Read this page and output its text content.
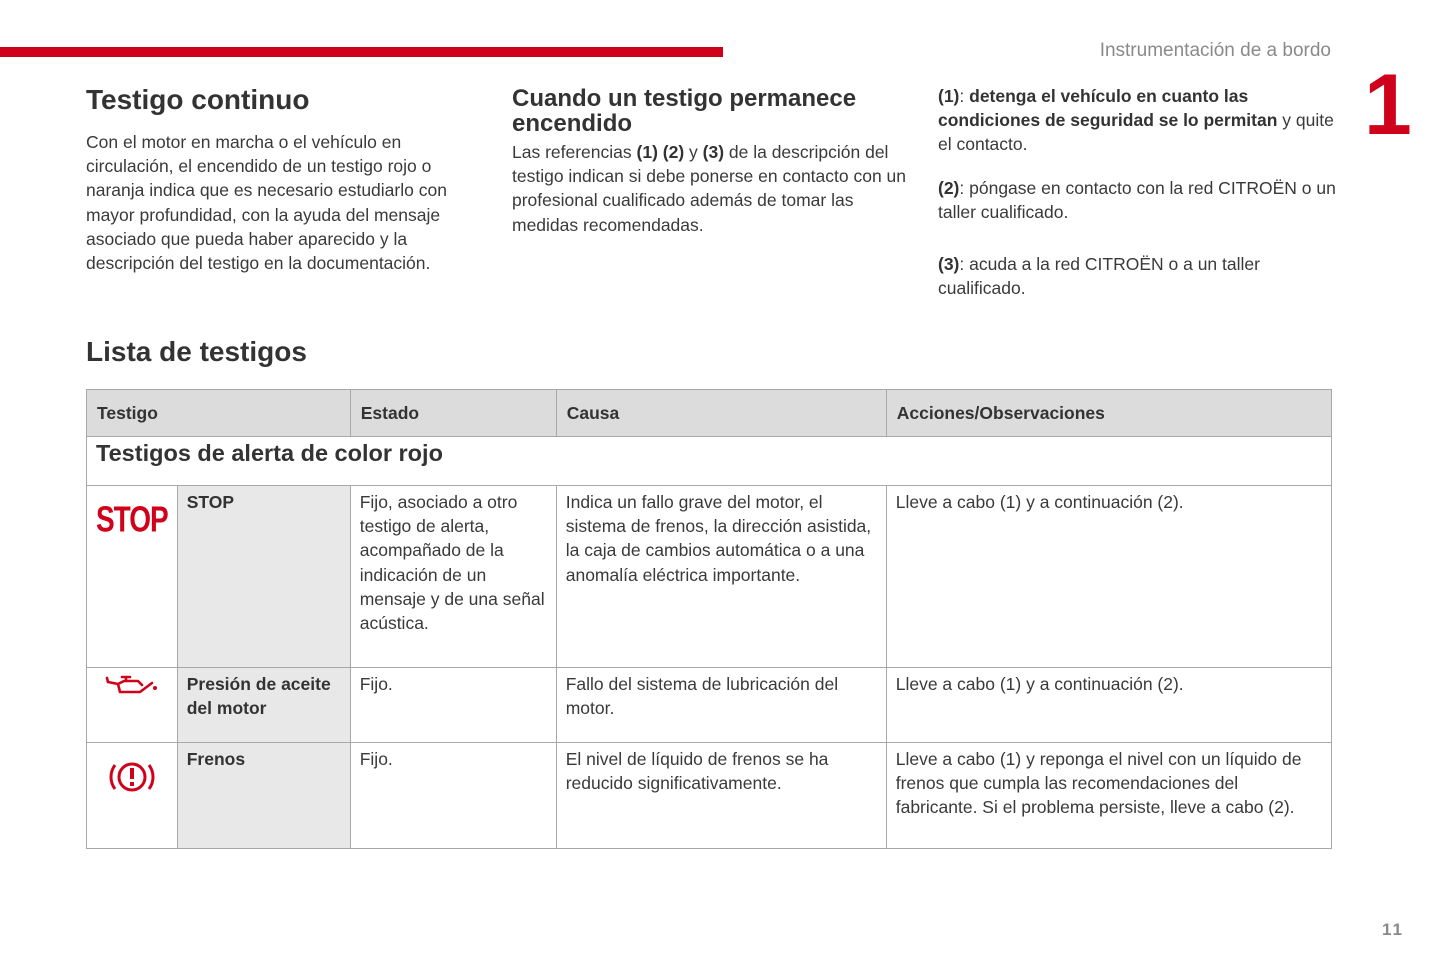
Instrumentación de a bordo
1
Testigo continuo
Con el motor en marcha o el vehículo en circulación, el encendido de un testigo rojo o naranja indica que es necesario estudiarlo con mayor profundidad, con la ayuda del mensaje asociado que pueda haber aparecido y la descripción del testigo en la documentación.
Cuando un testigo permanece encendido
Las referencias (1) (2) y (3) de la descripción del testigo indican si debe ponerse en contacto con un profesional cualificado además de tomar las medidas recomendadas.

(1): detenga el vehículo en cuanto las condiciones de seguridad se lo permitan y quite el contacto.

(2): póngase en contacto con la red CITROËN o un taller cualificado.

(3): acuda a la red CITROËN o a un taller cualificado.

Lista de testigos
Testigo		Estado	Causa	Acciones/Observaciones
Testigos de alerta de color rojo				
STOP	STOP	Fijo, asociado a otro testigo de alerta, acompañado de la indicación de un mensaje y de una señal acústica.	Indica un fallo grave del motor, el sistema de frenos, la dirección asistida, la caja de cambios automática o a una anomalía eléctrica importante.	Lleve a cabo (1) y a continuación (2).

	Presión de aceite del motor	Fijo.	Fallo del sistema de lubricación del motor.	Lleve a cabo (1) y a continuación (2).

	Frenos	Fijo.	El nivel de líquido de frenos se ha reducido significativamente.	Lleve a cabo (1) y reponga el nivel con un líquido de frenos que cumpla las recomendaciones del fabricante. Si el problema persiste, lleve a cabo (2).
11
